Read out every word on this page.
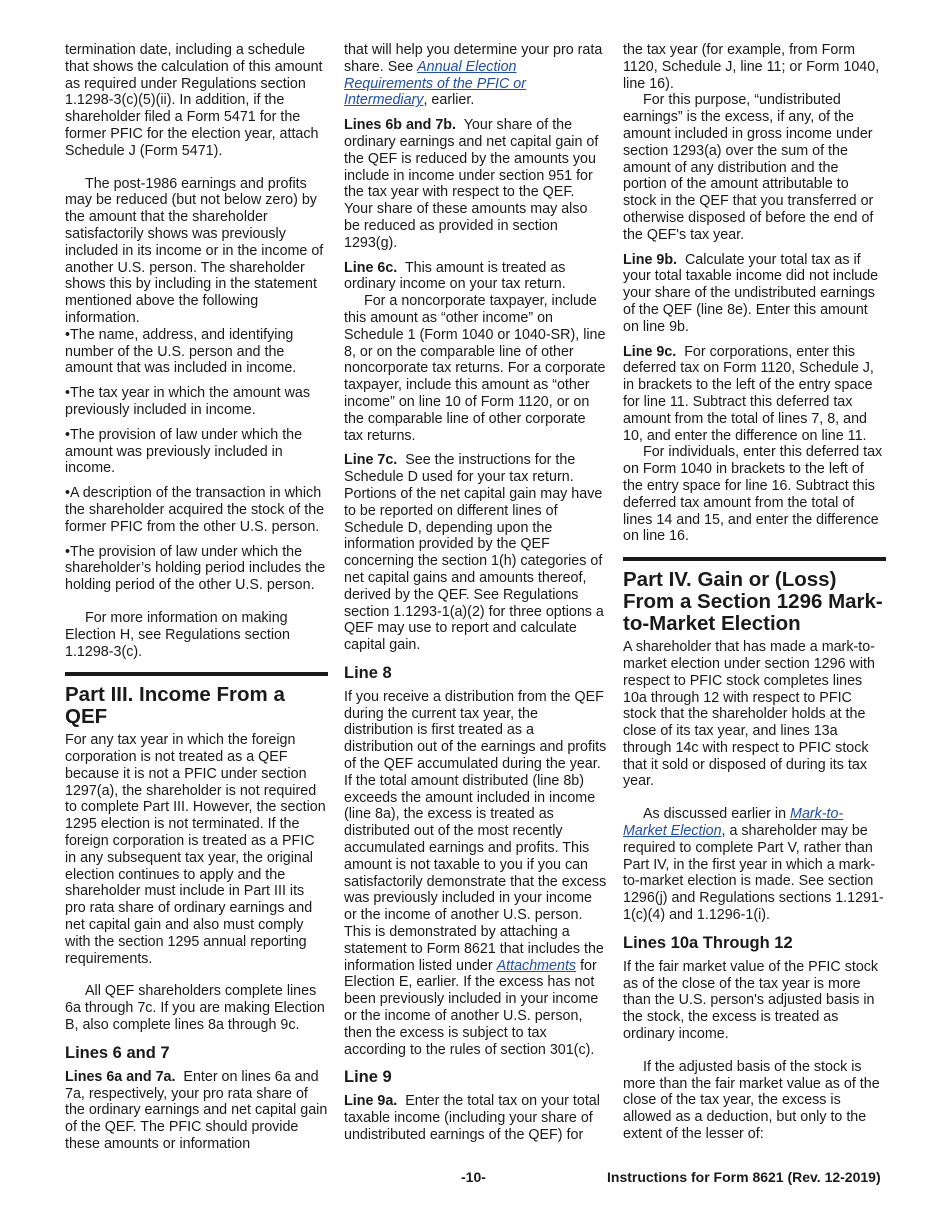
termination date, including a schedule that shows the calculation of this amount as required under Regulations section 1.1298-3(c)(5)(ii). In addition, if the shareholder filed a Form 5471 for the former PFIC for the election year, attach Schedule J (Form 5471).

The post-1986 earnings and profits may be reduced (but not below zero) by the amount that the shareholder satisfactorily shows was previously included in its income or in the income of another U.S. person. The shareholder shows this by including in the statement mentioned above the following information.

• The name, address, and identifying number of the U.S. person and the amount that was included in income.

• The tax year in which the amount was previously included in income.

• The provision of law under which the amount was previously included in income.

• A description of the transaction in which the shareholder acquired the stock of the former PFIC from the other U.S. person.

• The provision of law under which the shareholder’s holding period includes the holding period of the other U.S. person.

For more information on making Election H, see Regulations section 1.1298-3(c).

Part III. Income From a QEF

For any tax year in which the foreign corporation is not treated as a QEF because it is not a PFIC under section 1297(a), the shareholder is not required to complete Part III. However, the section 1295 election is not terminated. If the foreign corporation is treated as a PFIC in any subsequent tax year, the original election continues to apply and the shareholder must include in Part III its pro rata share of ordinary earnings and net capital gain and also must comply with the section 1295 annual reporting requirements.

All QEF shareholders complete lines 6a through 7c. If you are making Election B, also complete lines 8a through 9c.

Lines 6 and 7

Lines 6a and 7a. Enter on lines 6a and 7a, respectively, your pro rata share of the ordinary earnings and net capital gain of the QEF. The PFIC should provide these amounts or information

that will help you determine your pro rata share. See Annual Election Requirements of the PFIC or Intermediary, earlier.

Lines 6b and 7b. Your share of the ordinary earnings and net capital gain of the QEF is reduced by the amounts you include in income under section 951 for the tax year with respect to the QEF. Your share of these amounts may also be reduced as provided in section 1293(g).

Line 6c. This amount is treated as ordinary income on your tax return.

For a noncorporate taxpayer, include this amount as “other income” on Schedule 1 (Form 1040 or 1040-SR), line 8, or on the comparable line of other noncorporate tax returns. For a corporate taxpayer, include this amount as “other income” on line 10 of Form 1120, or on the comparable line of other corporate tax returns.

Line 7c. See the instructions for the Schedule D used for your tax return. Portions of the net capital gain may have to be reported on different lines of Schedule D, depending upon the information provided by the QEF concerning the section 1(h) categories of net capital gains and amounts thereof, derived by the QEF. See Regulations section 1.1293-1(a)(2) for three options a QEF may use to report and calculate capital gain.

Line 8

If you receive a distribution from the QEF during the current tax year, the distribution is first treated as a distribution out of the earnings and profits of the QEF accumulated during the year. If the total amount distributed (line 8b) exceeds the amount included in income (line 8a), the excess is treated as distributed out of the most recently accumulated earnings and profits. This amount is not taxable to you if you can satisfactorily demonstrate that the excess was previously included in your income or the income of another U.S. person. This is demonstrated by attaching a statement to Form 8621 that includes the information listed under Attachments for Election E, earlier. If the excess has not been previously included in your income or the income of another U.S. person, then the excess is subject to tax according to the rules of section 301(c).

Line 9

Line 9a. Enter the total tax on your total taxable income (including your share of undistributed earnings of the QEF) for

the tax year (for example, from Form 1120, Schedule J, line 11; or Form 1040, line 16).

For this purpose, “undistributed earnings” is the excess, if any, of the amount included in gross income under section 1293(a) over the sum of the amount of any distribution and the portion of the amount attributable to stock in the QEF that you transferred or otherwise disposed of before the end of the QEF's tax year.

Line 9b. Calculate your total tax as if your total taxable income did not include your share of the undistributed earnings of the QEF (line 8e). Enter this amount on line 9b.

Line 9c. For corporations, enter this deferred tax on Form 1120, Schedule J, in brackets to the left of the entry space for line 11. Subtract this deferred tax amount from the total of lines 7, 8, and 10, and enter the difference on line 11.

For individuals, enter this deferred tax on Form 1040 in brackets to the left of the entry space for line 16. Subtract this deferred tax amount from the total of lines 14 and 15, and enter the difference on line 16.

Part IV. Gain or (Loss) From a Section 1296 Mark-to-Market Election

A shareholder that has made a mark-to-market election under section 1296 with respect to PFIC stock completes lines 10a through 12 with respect to PFIC stock that the shareholder holds at the close of its tax year, and lines 13a through 14c with respect to PFIC stock that it sold or disposed of during its tax year.

As discussed earlier in Mark-to-Market Election, a shareholder may be required to complete Part V, rather than Part IV, in the first year in which a mark-to-market election is made. See section 1296(j) and Regulations sections 1.1291-1(c)(4) and 1.1296-1(i).

Lines 10a Through 12

If the fair market value of the PFIC stock as of the close of the tax year is more than the U.S. person's adjusted basis in the stock, the excess is treated as ordinary income.

If the adjusted basis of the stock is more than the fair market value as of the close of the tax year, the excess is allowed as a deduction, but only to the extent of the lesser of:

-10-	Instructions for Form 8621 (Rev. 12-2019)
